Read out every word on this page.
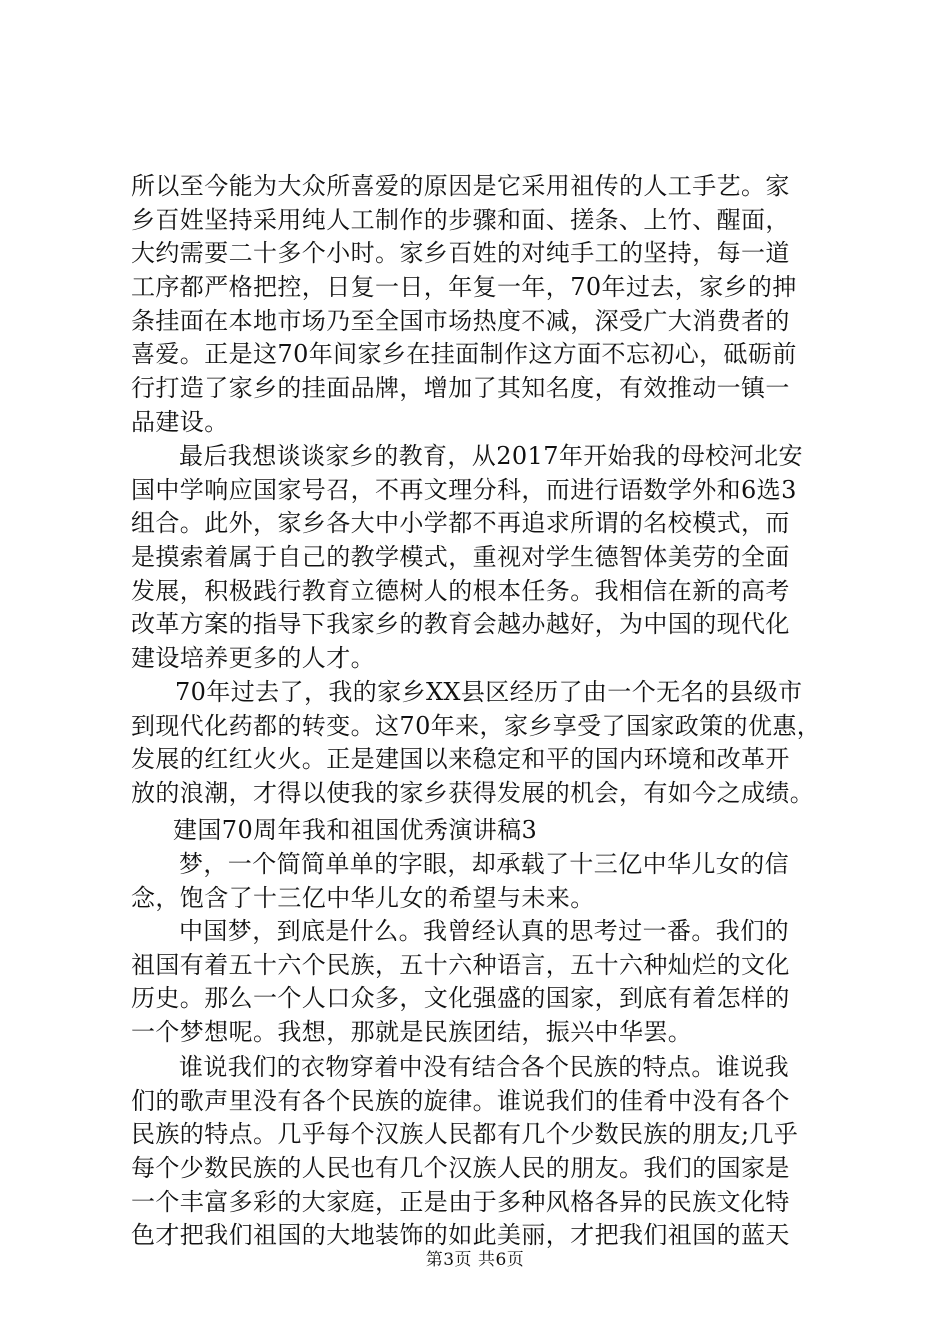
所以至今能为大众所喜爱的原因是它采用祖传的人工手艺。家
乡百姓坚持采用纯人工制作的步骤和面、搓条、上竹、醒面，
大约需要二十多个小时。家乡百姓的对纯手工的坚持，每一道
工序都严格把控，日复一日，年复一年，70年过去，家乡的抻
条挂面在本地市场乃至全国市场热度不减，深受广大消费者的
喜爱。正是这70年间家乡在挂面制作这方面不忘初心，砥砺前
行打造了家乡的挂面品牌，增加了其知名度，有效推动一镇一
品建设。
最后我想谈谈家乡的教育，从2017年开始我的母校河北安
国中学响应国家号召，不再文理分科，而进行语数学外和6选3
组合。此外，家乡各大中小学都不再追求所谓的名校模式，而
是摸索着属于自己的教学模式，重视对学生德智体美劳的全面
发展，积极践行教育立德树人的根本任务。我相信在新的高考
改革方案的指导下我家乡的教育会越办越好，为中国的现代化
建设培养更多的人才。
70年过去了，我的家乡XX县区经历了由一个无名的县级市
到现代化药都的转变。这70年来，家乡享受了国家政策的优惠，
发展的红红火火。正是建国以来稳定和平的国内环境和改革开
放的浪潮，才得以使我的家乡获得发展的机会，有如今之成绩。
建国70周年我和祖国优秀演讲稿3
梦，一个简简单单的字眼，却承载了十三亿中华儿女的信
念，饱含了十三亿中华儿女的希望与未来。
中国梦，到底是什么。我曾经认真的思考过一番。我们的
祖国有着五十六个民族，五十六种语言，五十六种灿烂的文化
历史。那么一个人口众多，文化强盛的国家，到底有着怎样的
一个梦想呢。我想，那就是民族团结，振兴中华罢。
谁说我们的衣物穿着中没有结合各个民族的特点。谁说我
们的歌声里没有各个民族的旋律。谁说我们的佳肴中没有各个
民族的特点。几乎每个汉族人民都有几个少数民族的朋友;几乎
每个少数民族的人民也有几个汉族人民的朋友。我们的国家是
一个丰富多彩的大家庭，正是由于多种风格各异的民族文化特
色才把我们祖国的大地装饰的如此美丽，才把我们祖国的蓝天
第3页 共6页
